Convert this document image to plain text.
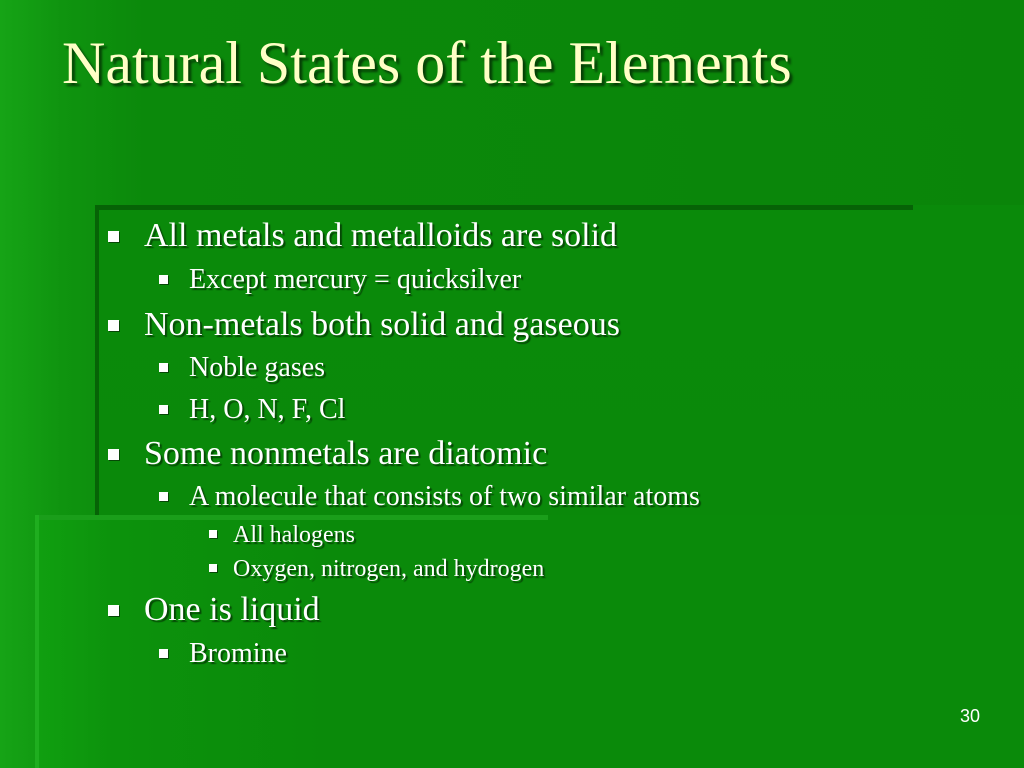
Natural States of the Elements
All metals and metalloids are solid
Except mercury = quicksilver
Non-metals both solid and gaseous
Noble gases
H, O, N, F, Cl
Some nonmetals are diatomic
A molecule that consists of two similar atoms
All halogens
Oxygen, nitrogen, and hydrogen
One is liquid
Bromine
30
